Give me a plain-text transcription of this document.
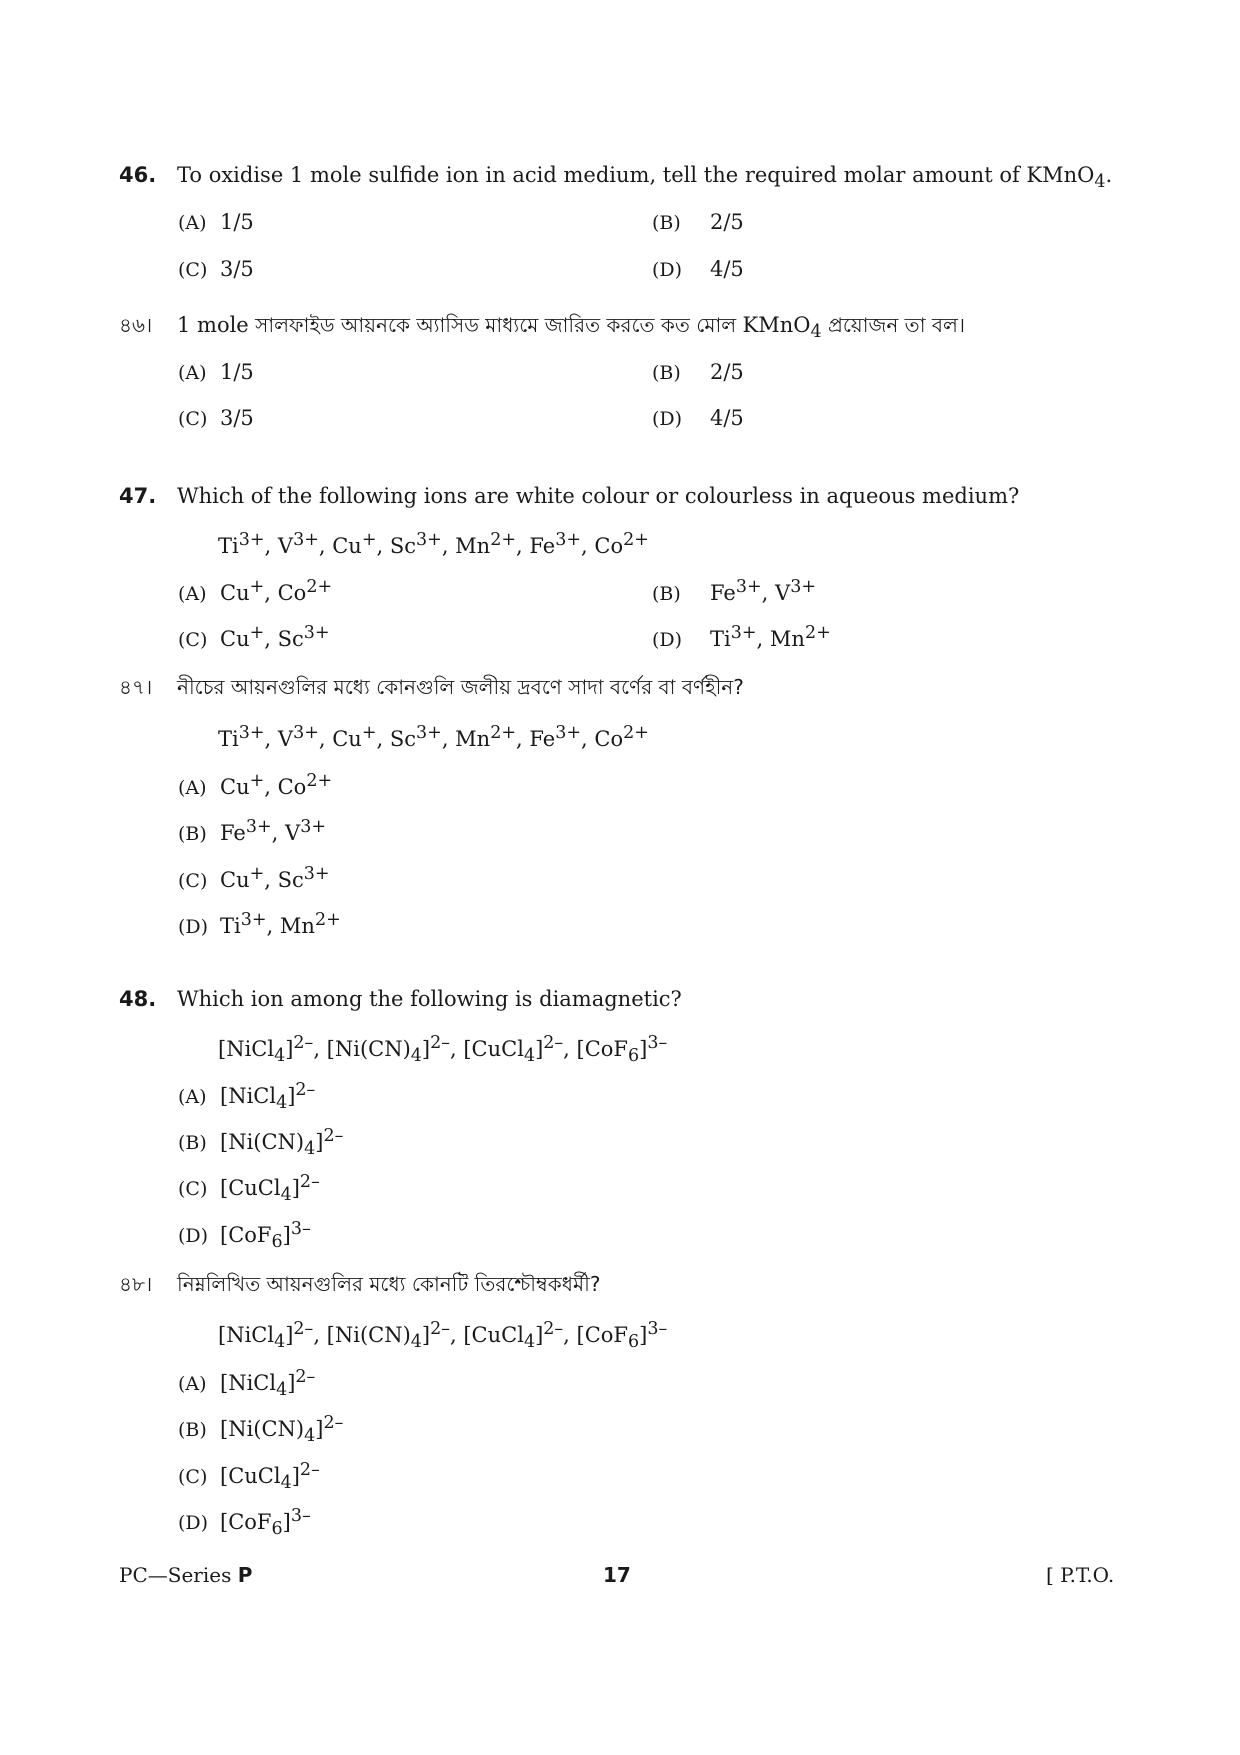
46. To oxidise 1 mole sulfide ion in acid medium, tell the required molar amount of KMnO$_4$.
(A) 1/5	(B) 2/5
(C) 3/5	(D) 4/5
৪৬। 1 mole সালফাইড আয়নকে অ্যাসিড মাধ্যমে জারিত করতে কত মোল KMnO$_4$ প্রয়োজন তা বল।
(A) 1/5	(B) 2/5
(C) 3/5	(D) 4/5
47. Which of the following ions are white colour or colourless in aqueous medium?
$Ti^{3+}$, $V^{3+}$, Cu+, $Sc^{3+}$, $Mn^{2+}$, $Fe^{3+}$, $Co^{2+}$
(A) Cu+, $Co^{2+}$	(B) $Fe^{3+}$, $V^{3+}$
(C) Cu+, $Sc^{3+}$	(D) $Ti^{3+}$, $Mn^{2+}$
৪৭। নীচের আয়নগুলির মধ্যে কোনগুলি জলীয় দ্রবণে সাদা বর্ণের বা বর্ণহীন?
$Ti^{3+}$, $V^{3+}$, Cu+, $Sc^{3+}$, $Mn^{2+}$, $Fe^{3+}$, $Co^{2+}$
(A) Cu+, $Co^{2+}$
(B) $Fe^{3+}$, $V^{3+}$
(C) Cu+, $Sc^{3+}$
(D) $Ti^{3+}$, $Mn^{2+}$
48. Which ion among the following is diamagnetic?
[NiCl$_4$]$^{2-}$, $[Ni(CN)_4]^{2-}$, [CuCl$_4$]$^{2-}$, $[CoF_6]^{3-}$
(A) [NiCl$_4$]$^{2-}$
(B) $[Ni(CN)_4]^{2-}$
(C) [CuCl$_4$]$^{2-}$
(D) $[CoF_6]^{3-}$
৪৮। নিম্নলিখিত আয়নগুলির মধ্যে কোনটি তিরশ্চৌম্বকধর্মী?
[NiCl$_4$]$^{2-}$, $[Ni(CN)_4]^{2-}$, [CuCl$_4$]$^{2-}$, $[CoF_6]^{3-}$
(A) [NiCl$_4$]$^{2-}$
(B) $[Ni(CN)_4]^{2-}$
(C) [CuCl$_4$]$^{2-}$
(D) $[CoF_6]^{3-}$
PC—Series P	17	[ P.T.O.
